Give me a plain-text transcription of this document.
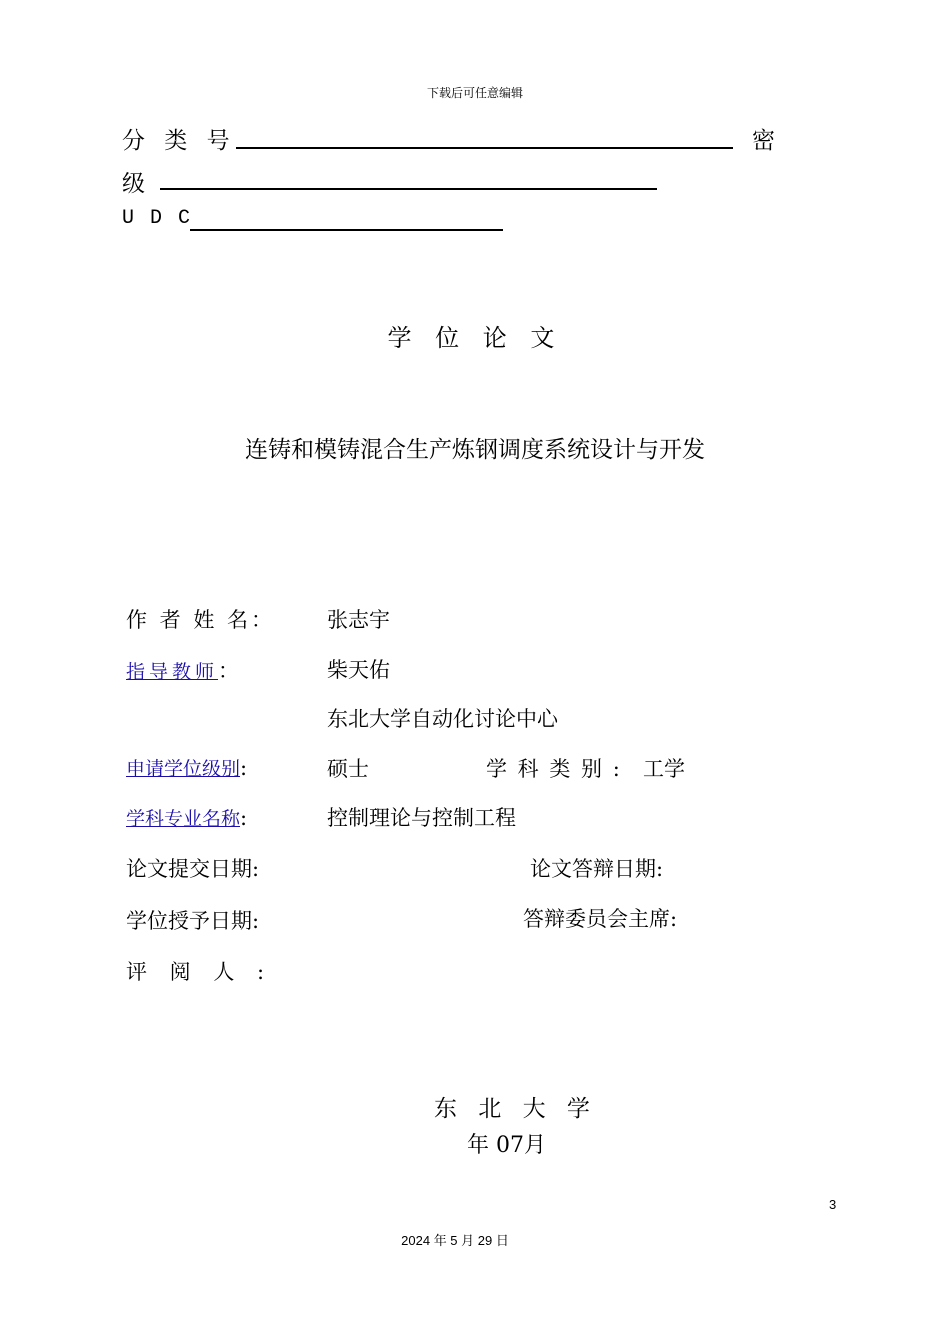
下载后可任意编辑
分 类 号	密
级
U D C
学 位 论 文
连铸和模铸混合生产炼钢调度系统设计与开发
作 者 姓 名： 张志宇
指导教师：	柴天佑
东北大学自动化讨论中心
申请学位级别:	硕士	学 科 类 别 : 工学
学科专业名称:	控制理论与控制工程
论文提交日期:	论文答辩日期:
学位授予日期:	答辩委员会主席:
评 阅 人 :
东 北 大 学
年 07月
3
2024 年 5 月 29 日
